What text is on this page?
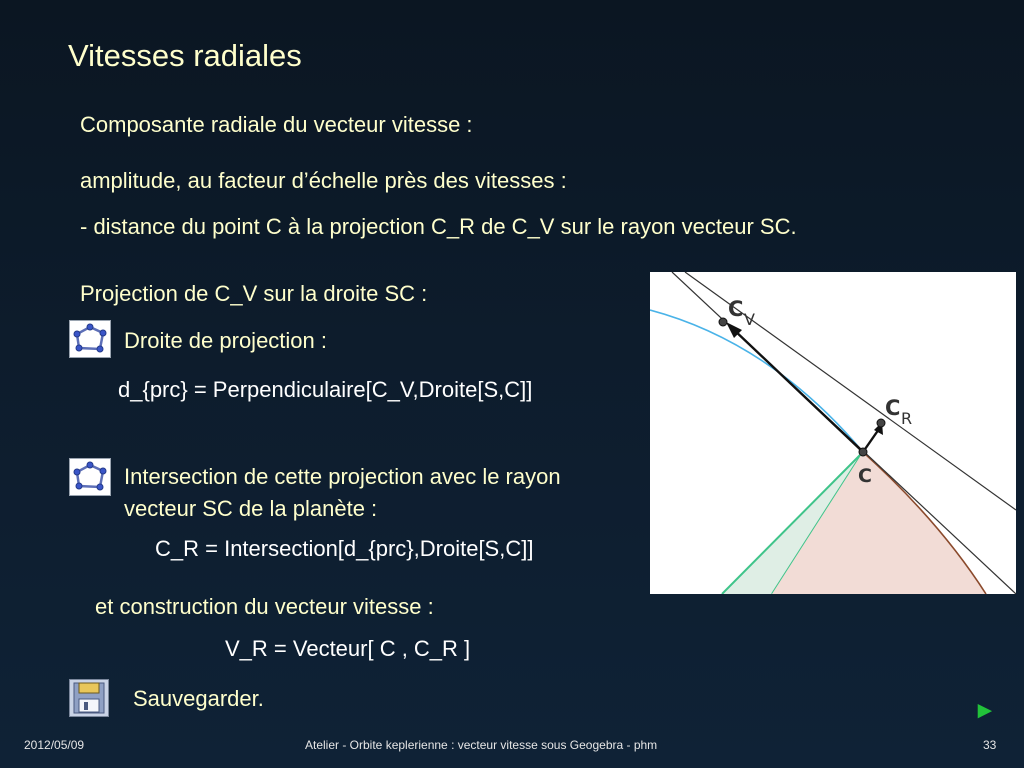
Vitesses radiales
Composante radiale du vecteur vitesse :
amplitude, au facteur d’échelle près des vitesses :
- distance du point C à la projection C_R de C_V sur le rayon vecteur SC.
Projection de C_V sur la droite SC :
Droite de projection :
d_{prc} = Perpendiculaire[C_V,Droite[S,C]]
Intersection de cette projection avec le rayon
vecteur SC de la planète :
C_R = Intersection[d_{prc},Droite[S,C]]
et construction du vecteur vitesse :
V_R = Vecteur[ C , C_R ]
Sauvegarder.
C V
C R
C
►
2012/05/09	Atelier - Orbite keplerienne : vecteur vitesse sous Geogebra - phm	33
